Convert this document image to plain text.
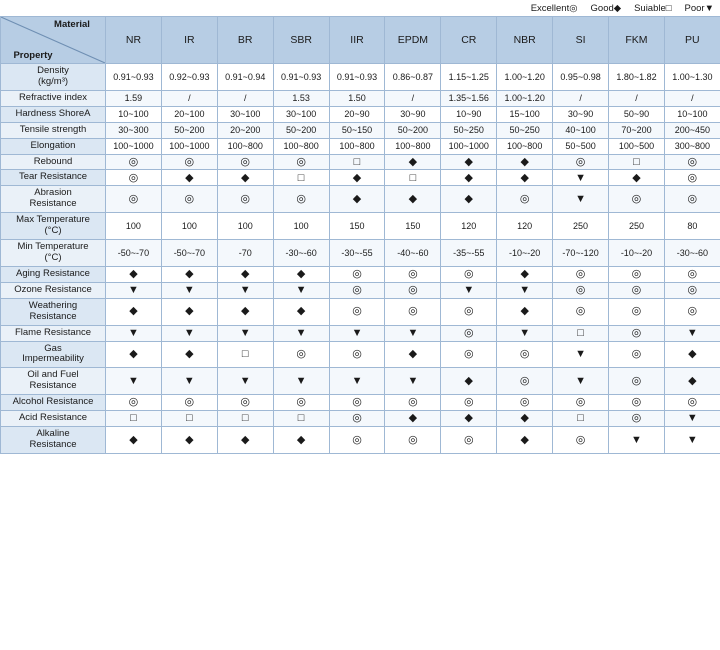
Excellent◎ Good◆ Suiable□ Poor▼
Material
Property	NR	IR	BR	SBR	IIR	EPDM	CR	NBR	SI	FKM	PU
Density
(kg/m³)	0.91~0.93	0.92~0.93	0.91~0.94	0.91~0.93	0.91~0.93	0.86~0.87	1.15~1.25	1.00~1.20	0.95~0.98	1.80~1.82	1.00~1.30
Refractive index	1.59	/	/	1.53	1.50	/	1.35~1.56	1.00~1.20	/	/	/
Hardness ShoreA	10~100	20~100	30~100	30~100	20~90	30~90	10~90	15~100	30~90	50~90	10~100
Tensile strength	30~300	50~200	20~200	50~200	50~150	50~200	50~250	50~250	40~100	70~200	200~450
Elongation	100~1000	100~1000	100~800	100~800	100~800	100~800	100~1000	100~800	50~500	100~500	300~800
Rebound	◎	◎	◎	◎	□	◆	◆	◆	◎	□	◎
Tear Resistance	◎	◆	◆	□	◆	□	◆	◆	▼	◆	◎
Abrasion
Resistance	◎	◎	◎	◎	◆	◆	◆	◎	▼	◎	◎
Max Temperature
(°C)	100	100	100	100	150	150	120	120	250	250	80
Min Temperature
(°C)	-50~-70	-50~-70	-70	-30~-60	-30~-55	-40~-60	-35~-55	-10~-20	-70~-120	-10~-20	-30~-60
Aging Resistance	◆	◆	◆	◆	◎	◎	◎	◆	◎	◎	◎
Ozone Resistance	▼	▼	▼	▼	◎	◎	▼	▼	◎	◎	◎
Weathering
Resistance	◆	◆	◆	◆	◎	◎	◎	◆	◎	◎	◎
Flame Resistance	▼	▼	▼	▼	▼	▼	◎	▼	□	◎	▼
Gas
Impermeability	◆	◆	□	◎	◎	◆	◎	◎	▼	◎	◆
Oil and Fuel
Resistance	▼	▼	▼	▼	▼	▼	◆	◎	▼	◎	◆
Alcohol Resistance	◎	◎	◎	◎	◎	◎	◎	◎	◎	◎	◎
Acid Resistance	□	□	□	□	◎	◆	◆	◆	□	◎	▼
Alkaline
Resistance	◆	◆	◆	◆	◎	◎	◎	◆	◎	▼	▼
